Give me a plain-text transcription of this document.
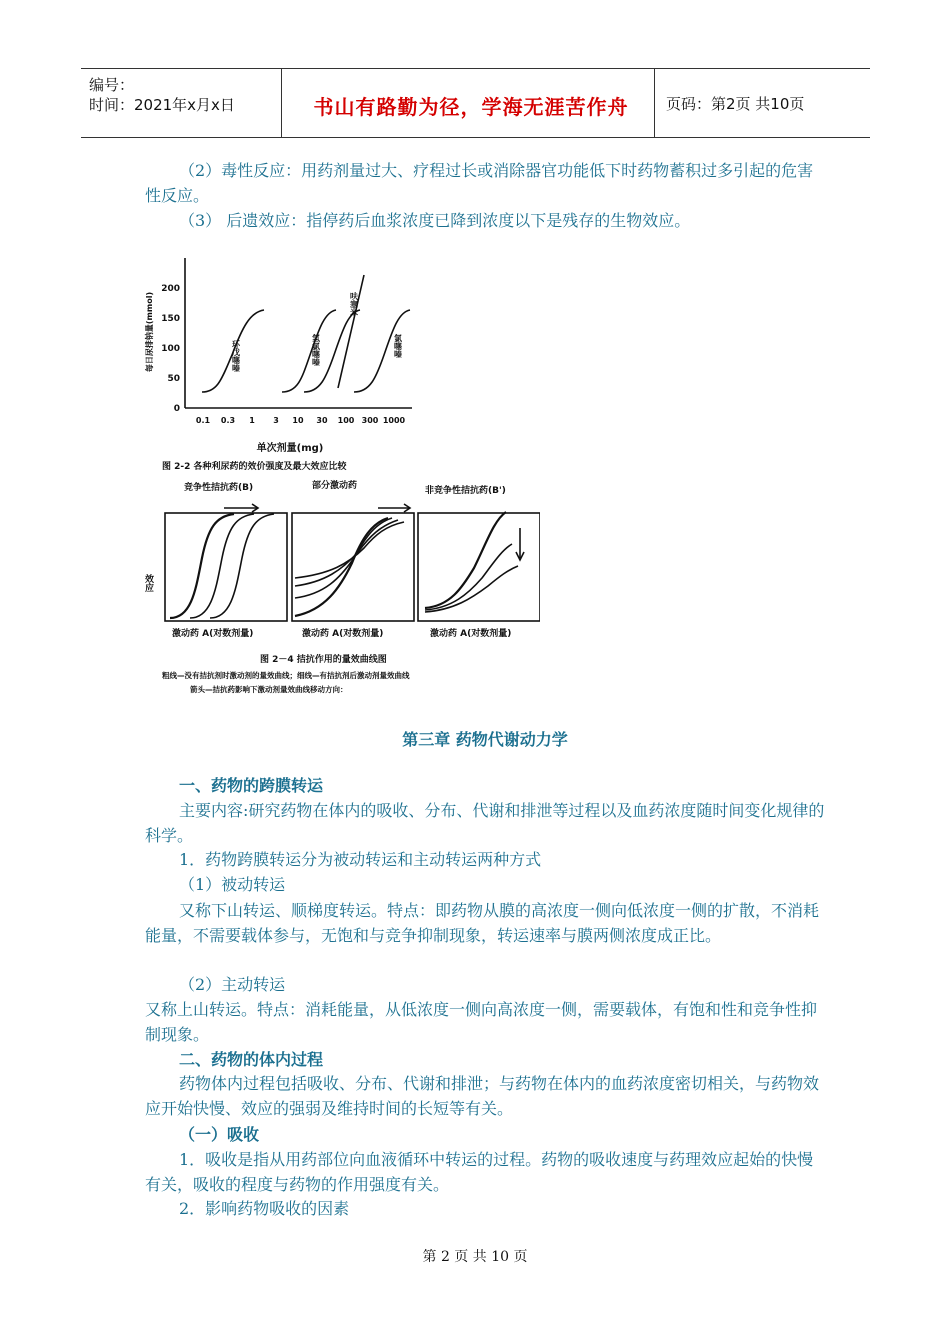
编号：
时间：2021年x月x日	书山有路勤为径，学海无涯苦作舟	页码：第2页 共10页

（2）毒性反应：用药剂量过大、疗程过长或消除器官功能低下时药物蓄积过多引起的危害性反应。

（3） 后遗效应：指停药后血浆浓度已降到浓度以下是残存的生物效应。

0
50
100
150
200
0.1 0.3 1 3 10 30 100 300 1000
每日尿排钠量(mmol)
单次剂量(mg)
图 2-2 各种利尿药的效价强度及最大效应比较
环戊噻嗪	氢氯噻嗪
呋塞米
氯噻嗪
竞争性拮抗药(B)	部分激动药	非竞争性拮抗药(B')
效应
激动药 A(对数剂量)	激动药 A(对数剂量)	激动药 A(对数剂量)
图 2－4 拮抗作用的量效曲线图
粗线—没有拮抗剂时激动剂的量效曲线；细线—有拮抗剂后激动剂量效曲线
箭头—拮抗药影响下激动剂量效曲线移动方向：

第三章 药物代谢动力学

一、药物的跨膜转运

主要内容:研究药物在体内的吸收、分布、代谢和排泄等过程以及血药浓度随时间变化规律的科学。

1．药物跨膜转运分为被动转运和主动转运两种方式

（1）被动转运

又称下山转运、顺梯度转运。特点：即药物从膜的高浓度一侧向低浓度一侧的扩散，不消耗能量，不需要载体参与，无饱和与竞争抑制现象，转运速率与膜两侧浓度成正比。

（2）主动转运

又称上山转运。特点：消耗能量，从低浓度一侧向高浓度一侧，需要载体，有饱和性和竞争性抑制现象。

二、药物的体内过程

药物体内过程包括吸收、分布、代谢和排泄；与药物在体内的血药浓度密切相关，与药物效应开始快慢、效应的强弱及维持时间的长短等有关。

（一）吸收

1．吸收是指从用药部位向血液循环中转运的过程。药物的吸收速度与药理效应起始的快慢有关，吸收的程度与药物的作用强度有关。

2．影响药物吸收的因素

第 2 页 共 10 页
